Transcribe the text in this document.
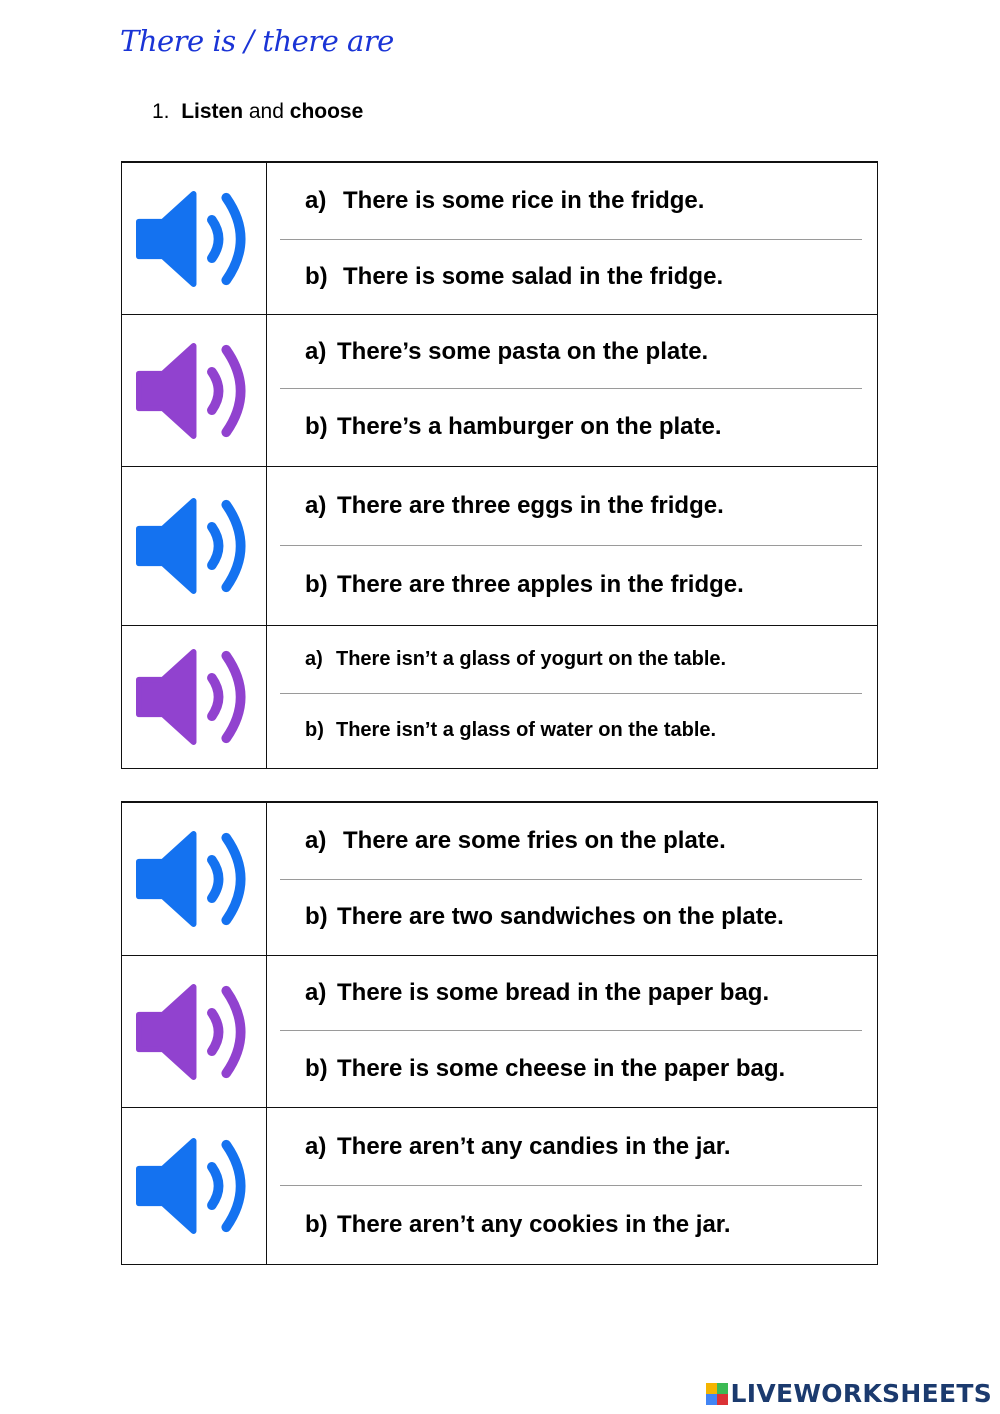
There is / there are
1. Listen and choose
a) There is some rice in the fridge.
b) There is some salad in the fridge.
a) There’s some pasta on the plate.
b) There’s a hamburger on the plate.
a) There are three eggs in the fridge.
b) There are three apples in the fridge.
a) There isn’t a glass of yogurt on the table.
b) There isn’t a glass of water on the table.
a) There are some fries on the plate.
b) There are two sandwiches on the plate.
a) There is some bread in the paper bag.
b) There is some cheese in the paper bag.
a) There aren’t any candies in the jar.
b) There aren’t any cookies in the jar.
LIVEWORKSHEETS
